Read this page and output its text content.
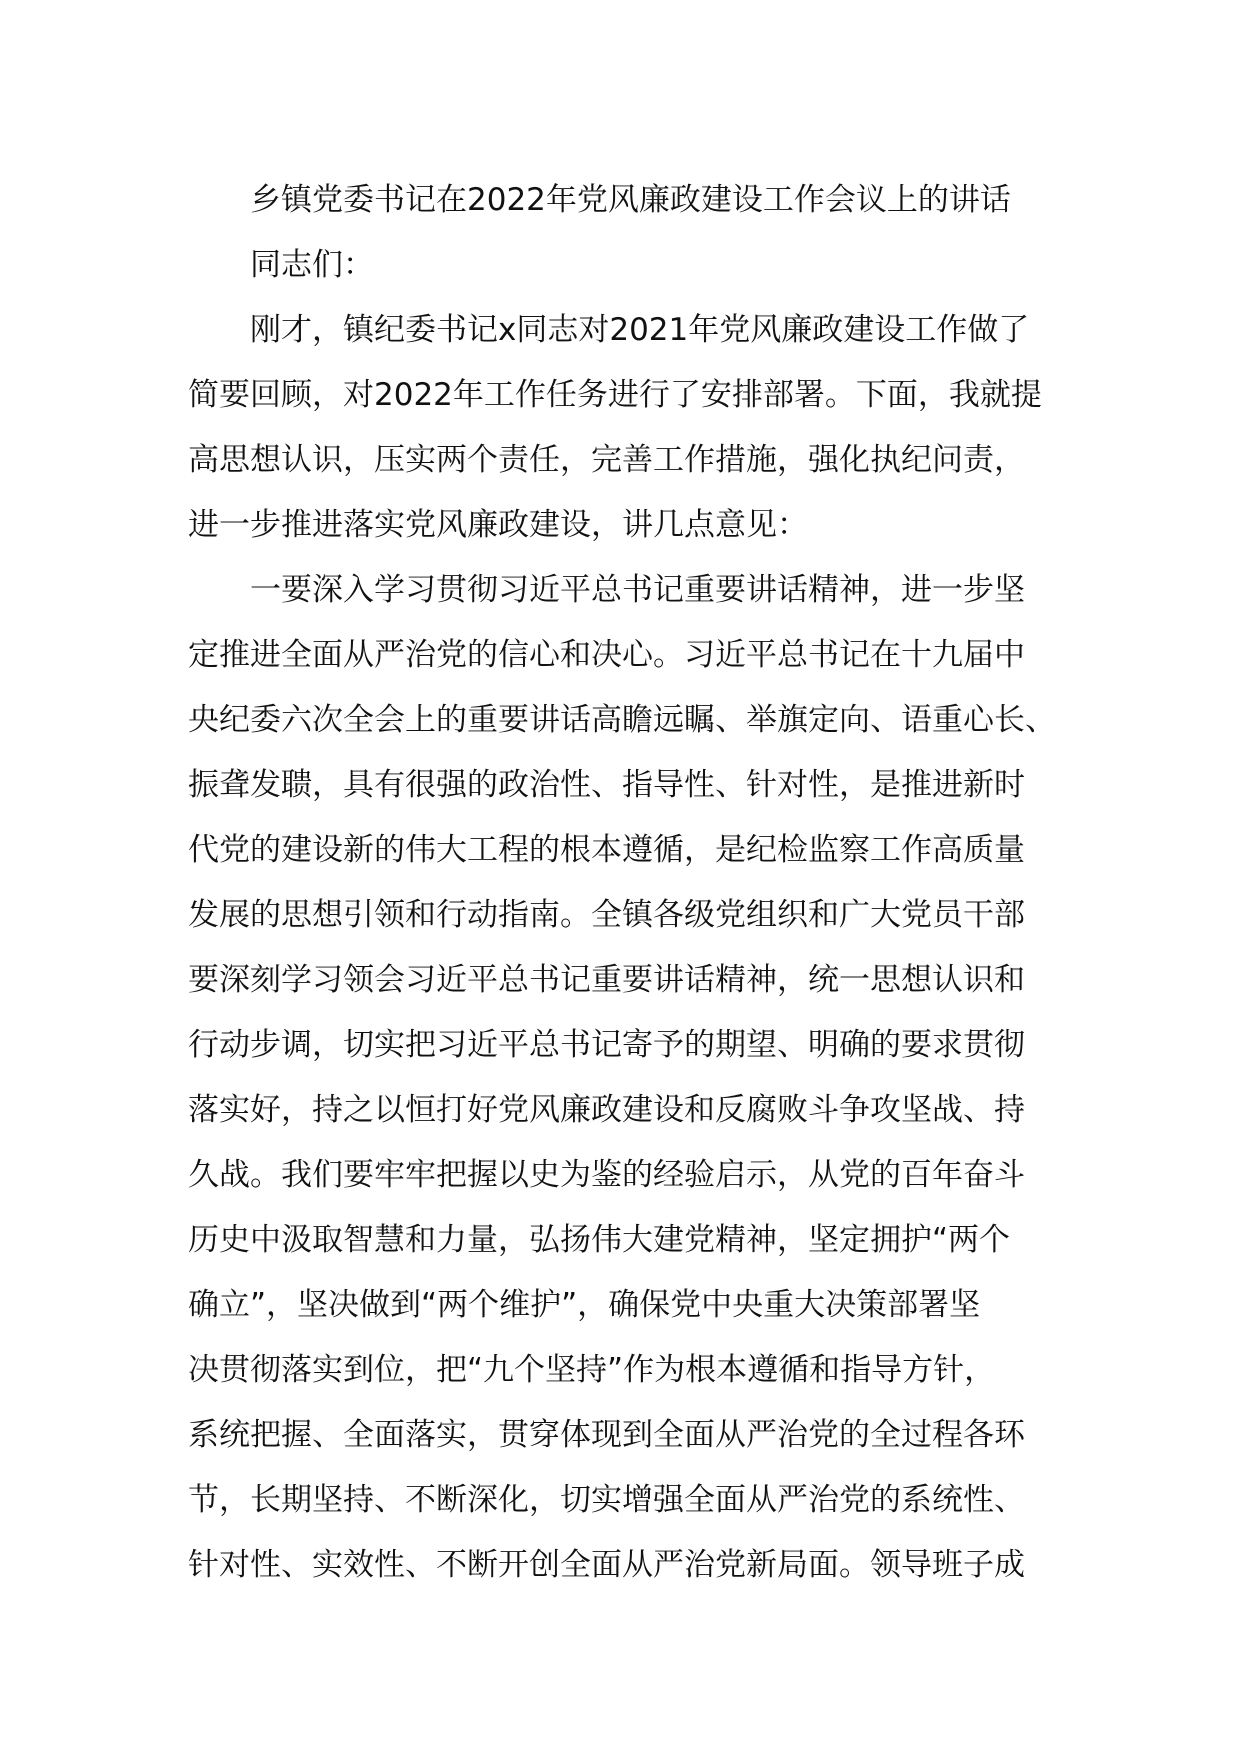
乡镇党委书记在2022年党风廉政建设工作会议上的讲话
同志们：
刚才，镇纪委书记x同志对2021年党风廉政建设工作做了
简要回顾，对2022年工作任务进行了安排部署。下面，我就提
高思想认识，压实两个责任，完善工作措施，强化执纪问责，
进一步推进落实党风廉政建设，讲几点意见：
一要深入学习贯彻习近平总书记重要讲话精神，进一步坚
定推进全面从严治党的信心和决心。习近平总书记在十九届中
央纪委六次全会上的重要讲话高瞻远瞩、举旗定向、语重心长、
振聋发聩，具有很强的政治性、指导性、针对性，是推进新时
代党的建设新的伟大工程的根本遵循，是纪检监察工作高质量
发展的思想引领和行动指南。全镇各级党组织和广大党员干部
要深刻学习领会习近平总书记重要讲话精神，统一思想认识和
行动步调，切实把习近平总书记寄予的期望、明确的要求贯彻
落实好，持之以恒打好党风廉政建设和反腐败斗争攻坚战、持
久战。我们要牢牢把握以史为鉴的经验启示，从党的百年奋斗
历史中汲取智慧和力量，弘扬伟大建党精神，坚定拥护“两个
确立”，坚决做到“两个维护”，确保党中央重大决策部署坚
决贯彻落实到位，把“九个坚持”作为根本遵循和指导方针，
系统把握、全面落实，贯穿体现到全面从严治党的全过程各环
节，长期坚持、不断深化，切实增强全面从严治党的系统性、
针对性、实效性、不断开创全面从严治党新局面。领导班子成
